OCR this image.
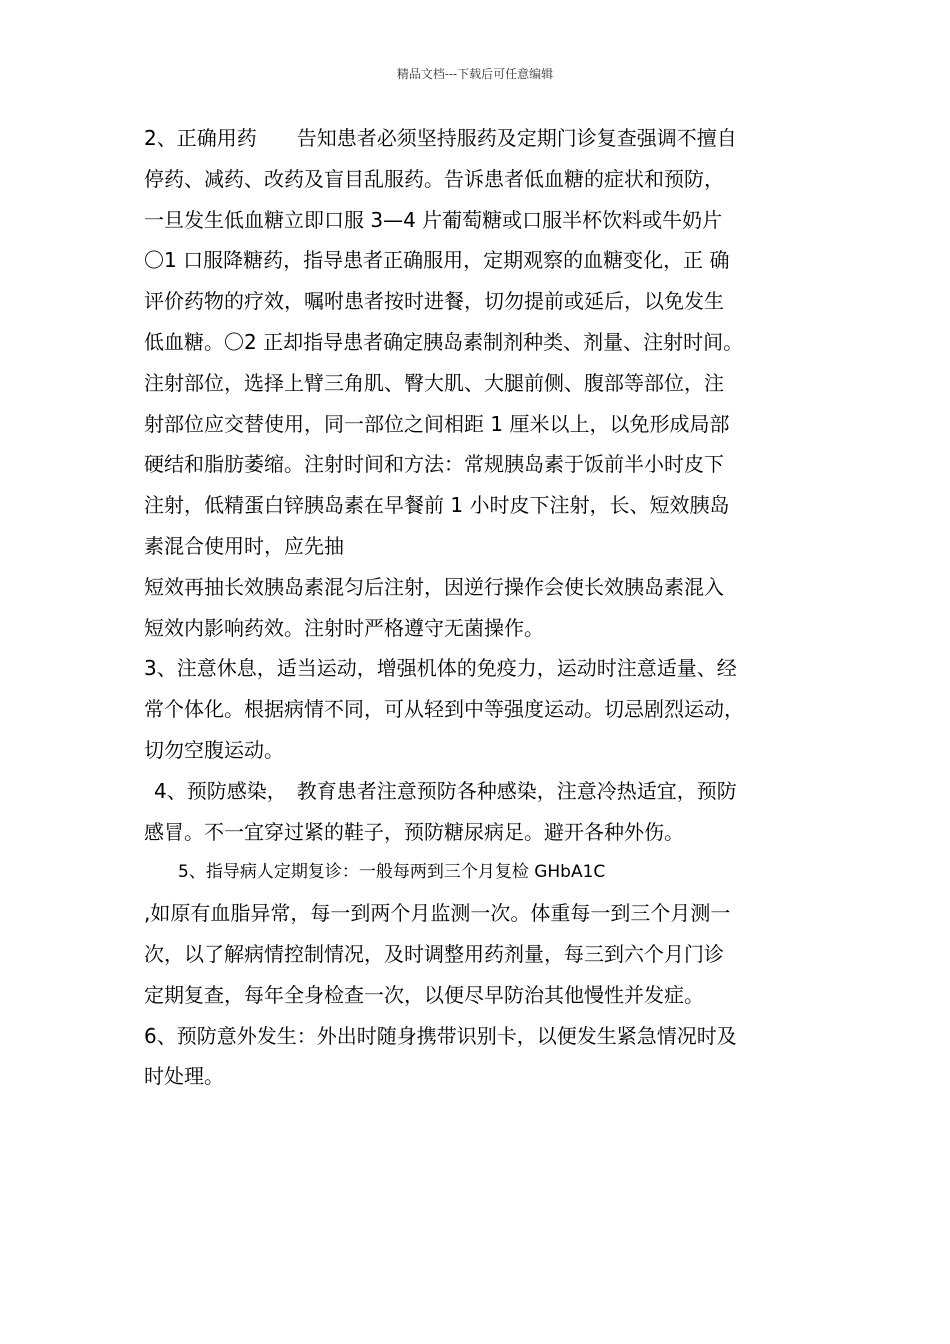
精品文档---下载后可任意编辑
2、正确用药　　告知患者必须坚持服药及定期门诊复查强调不擅自
停药、减药、改药及盲目乱服药。告诉患者低血糖的症状和预防，
一旦发生低血糖立即口服 3—4 片葡萄糖或口服半杯饮料或牛奶片
〇1 口服降糖药，指导患者正确服用，定期观察的血糖变化，正 确
评价药物的疗效，嘱咐患者按时进餐，切勿提前或延后，以免发生
低血糖。〇2 正却指导患者确定胰岛素制剂种类、剂量、注射时间。
注射部位，选择上臂三角肌、臀大肌、大腿前侧、腹部等部位，注
射部位应交替使用，同一部位之间相距 1 厘米以上，以免形成局部
硬结和脂肪萎缩。注射时间和方法：常规胰岛素于饭前半小时皮下
注射，低精蛋白锌胰岛素在早餐前 1 小时皮下注射，长、短效胰岛
素混合使用时，应先抽
短效再抽长效胰岛素混匀后注射，因逆行操作会使长效胰岛素混入
短效内影响药效。注射时严格遵守无菌操作。
3、注意休息，适当运动，增强机体的免疫力，运动时注意适量、经
常个体化。根据病情不同，可从轻到中等强度运动。切忌剧烈运动，
切勿空腹运动。
4、预防感染，　教育患者注意预防各种感染，注意冷热适宜，预防
感冒。不一宜穿过紧的鞋子，预防糖尿病足。避开各种外伤。
5、指导病人定期复诊：一般每两到三个月复检 GHbA1C
,如原有血脂异常，每一到两个月监测一次。体重每一到三个月测一
次，以了解病情控制情况，及时调整用药剂量，每三到六个月门诊
定期复查，每年全身检查一次，以便尽早防治其他慢性并发症。
6、预防意外发生：外出时随身携带识别卡，以便发生紧急情况时及
时处理。
